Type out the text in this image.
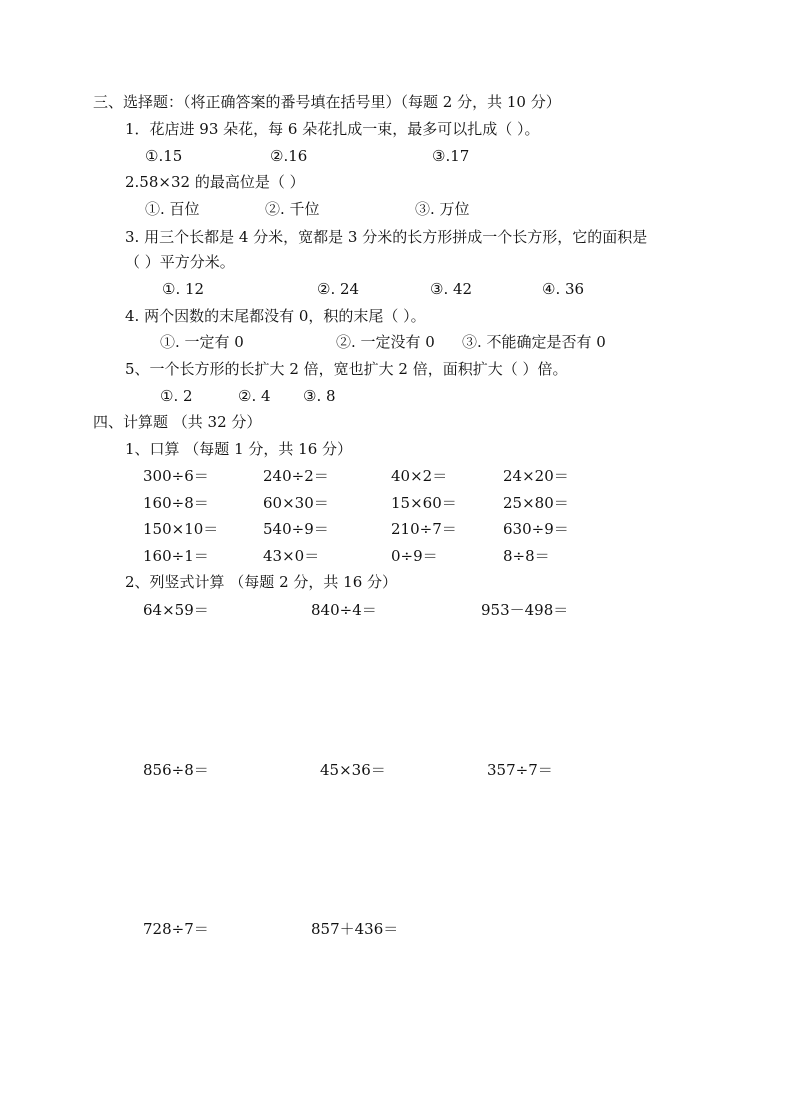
三、选择题：（将正确答案的番号填在括号里）（每题 2 分，共 10 分）
1．花店进 93 朵花，每 6 朵花扎成一束，最多可以扎成（ ）。
①.15	②.16	③.17
2.58×32 的最高位是（ ）
①. 百位	②. 千位	③. 万位
3. 用三个长都是 4 分米，宽都是 3 分米的长方形拼成一个长方形，它的面积是
（ ）平方分米。
①. 12	②. 24	③. 42	④. 36
4. 两个因数的末尾都没有 0，积的末尾（ ）。
①. 一定有 0	②. 一定没有 0 ③. 不能确定是否有 0
5、一个长方形的长扩大 2 倍，宽也扩大 2 倍，面积扩大（ ）倍。
①. 2	②. 4 ③. 8
四、计算题 （共 32 分）
1、口算 （每题 1 分，共 16 分）
300÷6＝	240÷2＝	40×2＝	24×20＝
160÷8＝	60×30＝	15×60＝	25×80＝
150×10＝	540÷9＝	210÷7＝	630÷9＝
160÷1＝	43×0＝	0÷9＝	8÷8＝
2、列竖式计算 （每题 2 分，共 16 分）
64×59＝	840÷4＝	953－498＝
856÷8＝	45×36＝	357÷7＝
728÷7＝	857＋436＝
